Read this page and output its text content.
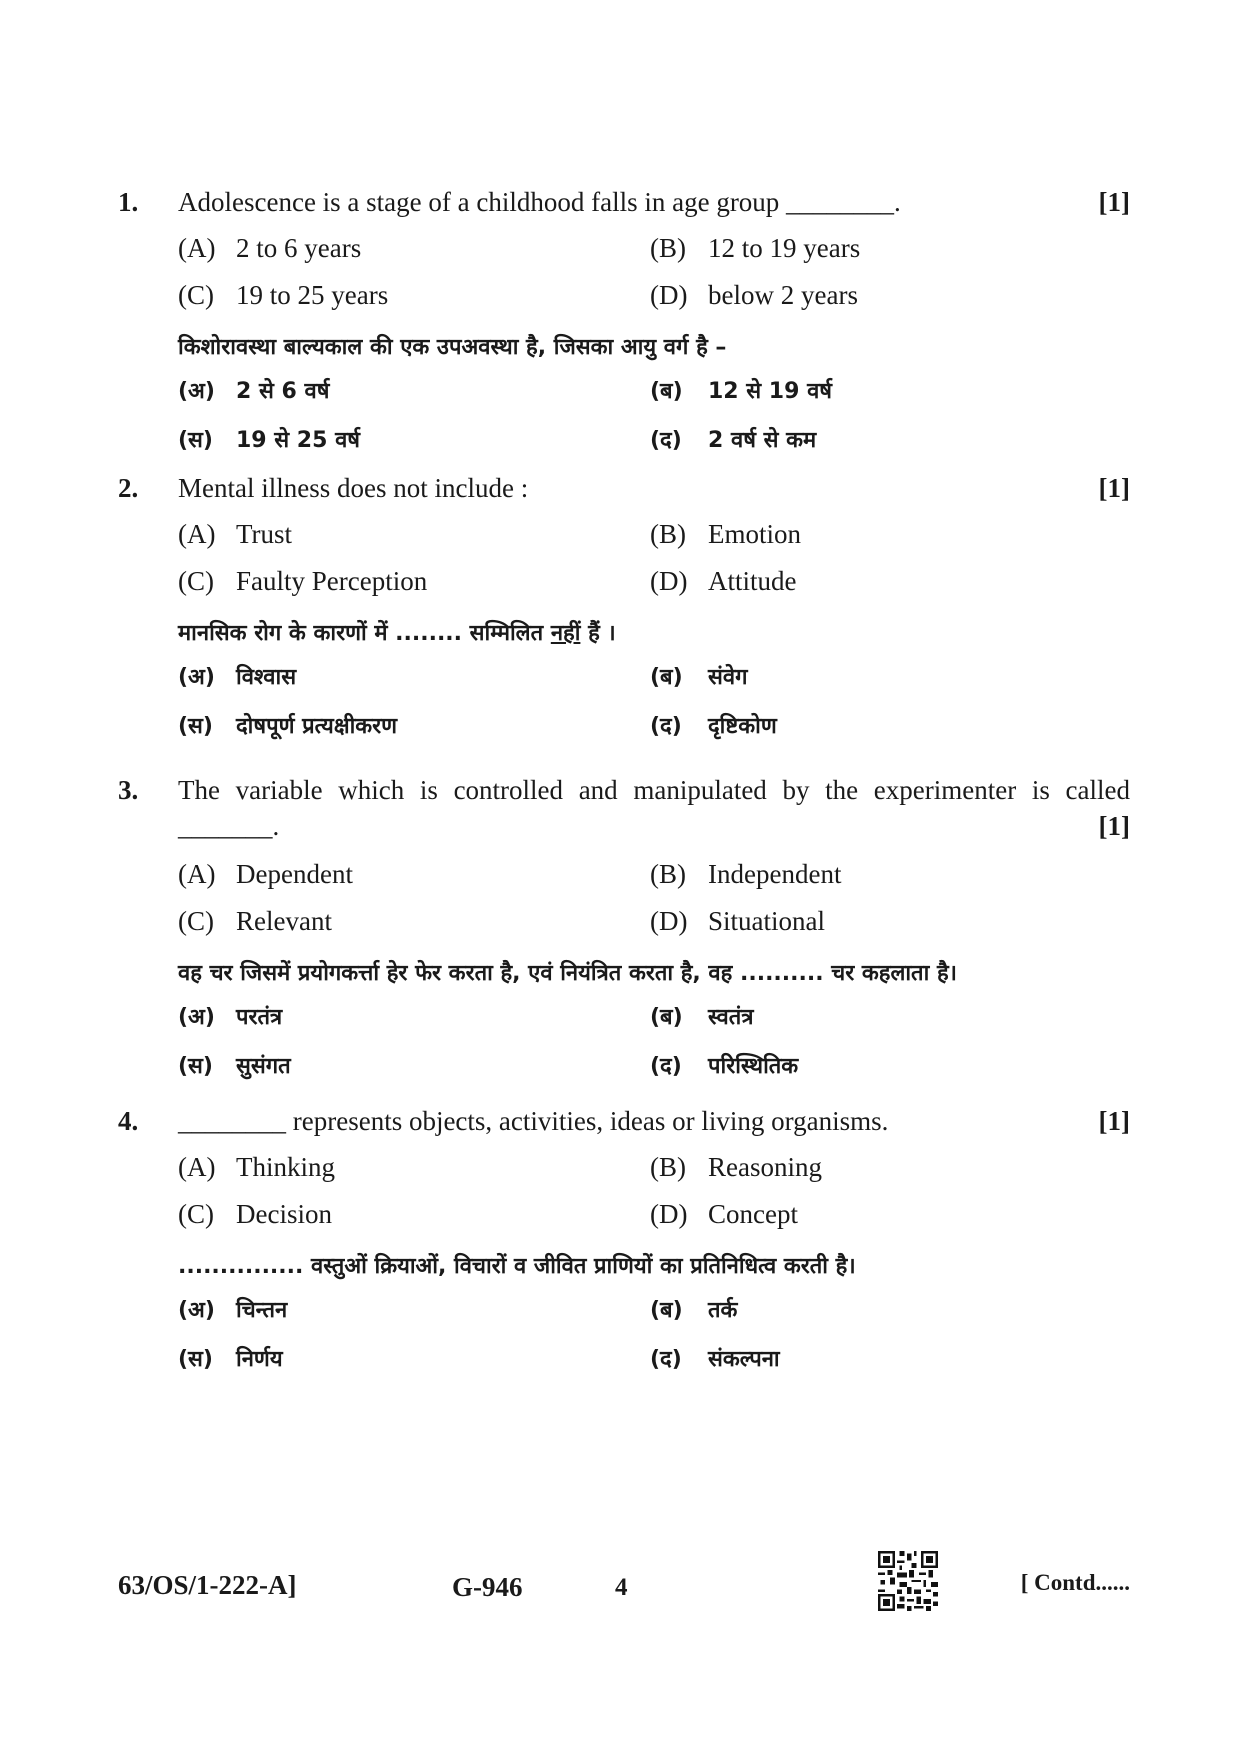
1. Adolescence is a stage of a childhood falls in age group ________.	[1]
(A) 2 to 6 years	(B) 12 to 19 years
(C) 19 to 25 years	(D) below 2 years
किशोरावस्था बाल्यकाल की एक उपअवस्था है, जिसका आयु वर्ग है –
(अ) 2 से 6 वर्ष	(ब) 12 से 19 वर्ष
(स) 19 से 25 वर्ष	(द) 2 वर्ष से कम
2. Mental illness does not include :	[1]
(A) Trust	(B) Emotion
(C) Faulty Perception	(D) Attitude
मानसिक रोग के कारणों में ........ सम्मिलित नहीं हैं ।
(अ) विश्वास	(ब) संवेग
(स) दोषपूर्ण प्रत्यक्षीकरण	(द) दृष्टिकोण
3. The variable which is controlled and manipulated by the experimenter is called
_______.	[1]
(A) Dependent	(B) Independent
(C) Relevant	(D) Situational
वह चर जिसमें प्रयोगकर्त्ता हेर फेर करता है, एवं नियंत्रित करता है, वह .......... चर कहलाता है।
(अ) परतंत्र	(ब) स्वतंत्र
(स) सुसंगत	(द) परिस्थितिक
4. ________ represents objects, activities, ideas or living organisms.	[1]
(A) Thinking	(B) Reasoning
(C) Decision	(D) Concept
............... वस्तुओं क्रियाओं, विचारों व जीवित प्राणियों का प्रतिनिधित्व करती है।
(अ) चिन्तन	(ब) तर्क
(स) निर्णय	(द) संकल्पना
63/OS/1-222-A]	G-946	4	[ Contd......
